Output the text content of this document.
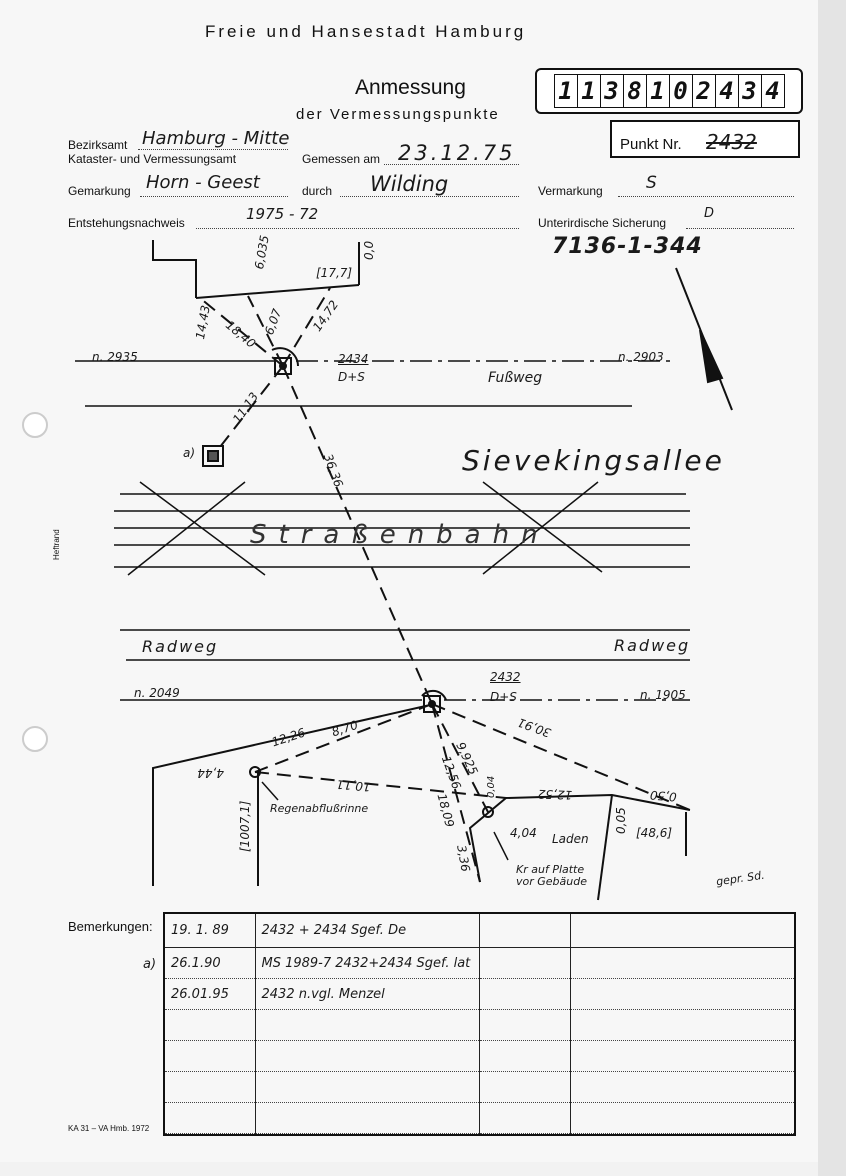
Heftrand
Freie und Hansestadt Hamburg
Anmessung
der Vermessungspunkte
1 1 3 8 1 0 2 4 3 4
Punkt Nr. 2432
Bezirksamt Hamburg - Mitte
Kataster- und Vermessungsamt	Gemessen am 23.12.75
Gemarkung Horn - Geest	durch Wilding	Vermarkung	S
Entstehungsnachweis	1975 - 72	Unterirdische Sicherung
D
7136-1-344
n. 2935	n. 2903
2434
D+S	Fußweg
a)	Sievekingsallee
Straßenbahn
Radweg	Radweg
n. 2049	n. 1905
2432
D+S
[17,7]
[48,6]
[1007,1]
6,035
14,43 18,40 6,07 14,72
0,0
11,13
36,36
12,26 8,70
10,11
4,44	9,925
12,56
18,09
30,91
12,52	0,50
0,05
4,04
3,36
0,04
Regenabflußrinne
Laden
Kr auf Platte vor Gebäude	gepr. Sd.
Bemerkungen:
a)
19. 1. 89	2432 + 2434 Sgef. De		
26.1.90	MS 1989-7 2432+2434 Sgef. lat		
26.01.95	2432 n.vgl. Menzel		

KA 31 – VA Hmb. 1972
